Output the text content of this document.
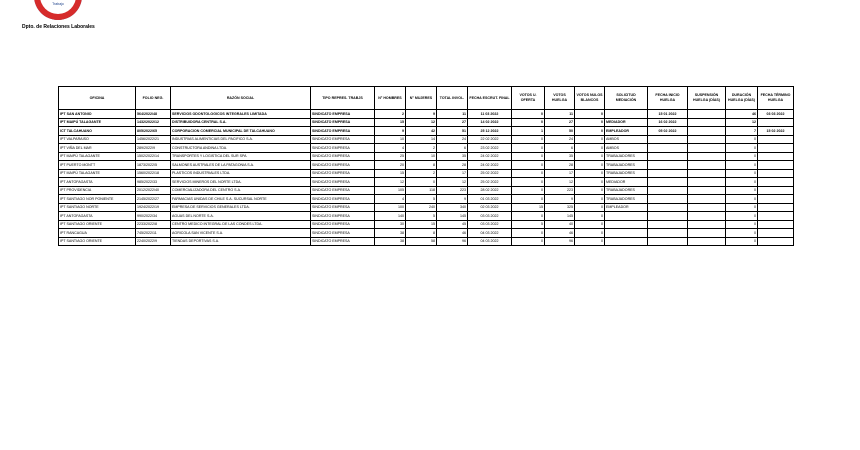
Trabajo
Dpto. de Relaciones Laborales
OFICINA	FOLIO NEG.	RAZÓN SOCIAL	TIPO REPRES. TRABJS	N° HOMBRES	N° MUJERES	TOTAL INVOL.	FECHA ESCRUT. FINAL	VOTOS U. OFERTA	VOTOS HUELGA	VOTOS NULOS BLANCOS	SOLICITUD MEDIACIÓN	FECHA INICIO HUELGA	SUSPENSIÓN HUELGA (DÍAS)	DURACIÓN HUELGA (DÍAS)	FECHA TÉRMINO HUELGA
IPT SAN ANTONIO	564/2022/48	SERVICIOS ODONTOLOGICOS INTEGRALES LIMITADA	SINDICATO EMPRESA	2	9	11	11 03 2022	0	11	0		15 01 2022		46	03 03 2022
IPT MAIPÚ TALAGANTE	1432/2022/12	DISTRIBUIDORA CENTRAL S.A.	SINDICATO EMPRESA	15	12	27	14 02 2022	0	27	0	MEDIADOR	16 02 2022		12	
ICT TALCAHUANO	805/2022/65	CORPORACION COMERCIAL MUNICIPAL DE TALCAHUANO	SINDICATO EMPRESA	9	42	51	25 12 2022	1	50	0	EMPLEADOR	05 02 2022		7	15 02 2022
IPT VALPARAISO	1456/2022/21	INDUSTRIAS ALIMENTICIAS DEL PACIFICO S.A.	SINDICATO EMPRESA	10	14	24	22 02 2022	0	24	0	AMBOS			0	
IPT VIÑA DEL MAR	289/2022/9	CONSTRUCTORA ANDINA LTDA.	SINDICATO EMPRESA	4	2	6	23 02 2022	0	6	0	AMBOS			0	
IPT MAIPÚ TALAGANTE	1502/2022/14	TRANSPORTES Y LOGISTICA DEL SUR SPA	SINDICATO EMPRESA	25	10	35	24 02 2022	0	35	0	TRABAJADORES			0	
IPT PUERTO MONTT	1873/2022/5	SALMONES AUSTRALES DE LA PATAGONIA S.A.	SINDICATO EMPRESA	20	8	28	24 02 2022	0	28	0	TRABAJADORES			0	
IPT MAIPÚ TALAGANTE	1560/2022/18	PLASTICOS INDUSTRIALES LTDA.	SINDICATO EMPRESA	15	2	17	25 02 2022	0	17	0	TRABAJADORES			0	
IPT ANTOFAGASTA	985/2022/33	SERVICIOS MINEROS DEL NORTE LTDA.	SINDICATO EMPRESA	12	0	12	25 02 2022	0	12	0	MEDIADOR			0	
IPT PROVIDENCIA	2012/2022/40	COMERCIALIZADORA DEL CENTRO S.A.	SINDICATO EMPRESA	105	118	223	28 02 2022	0	223	0	TRABAJADORES			0	
IPT SANTIAGO NOR PONIENTE	2145/2022/27	FARMACIAS UNIDAS DE CHILE S.A. SUCURSAL NORTE	SINDICATO EMPRESA	4	5	9	01 03 2022	0	9	0	TRABAJADORES			0	
IPT SANTIAGO NORTE	1924/2022/19	EMPRESA DE SERVICIOS GENERALES LTDA.	SINDICATO EMPRESA	100	240	340	02 03 2022	15	325	0	EMPLEADOR			0	
IPT ANTOFAGASTA	990/2022/34	AGUAS DEL NORTE S.A.	SINDICATO EMPRESA	140	5	145	03 03 2022	0	145	0				0	
IPT SANTIAGO ORIENTE	2233/2022/8	CENTRO MEDICO INTEGRAL DE LAS CONDES LTDA.	SINDICATO EMPRESA	30	15	45	03 03 2022	5	40	0				0	
IPT RANCAGUA	745/2022/11	AGRICOLA SAN VICENTE S.A.	SINDICATO EMPRESA	38	8	46	04 03 2022	0	46	0				0	
IPT SANTIAGO ORIENTE	2240/2022/9	TIENDAS DEPORTIVAS S.A.	SINDICATO EMPRESA	38	58	96	04 03 2022	0	96	0				0	
